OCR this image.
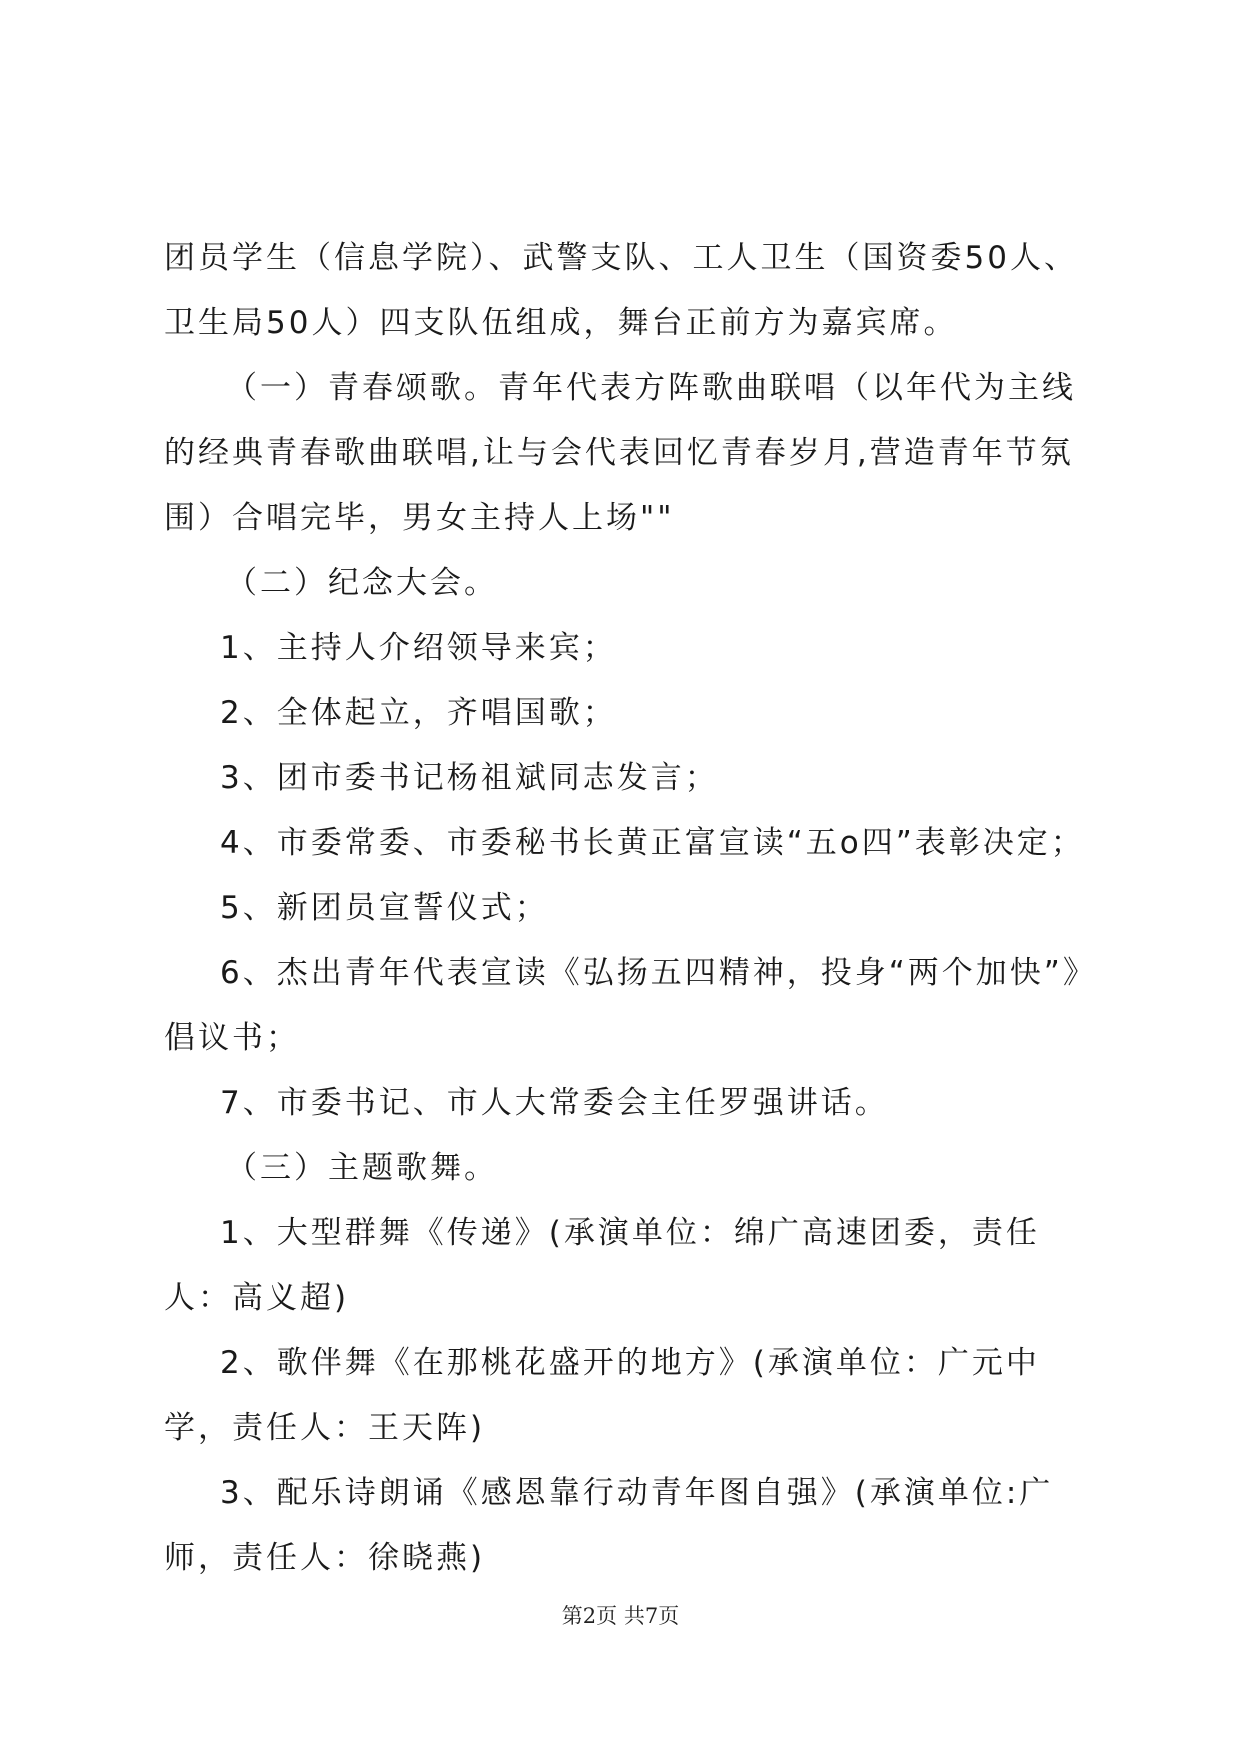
团员学生（信息学院）、武警支队、工人卫生（国资委50人、卫生局50人）四支队伍组成，舞台正前方为嘉宾席。

（一）青春颂歌。青年代表方阵歌曲联唱（以年代为主线的经典青春歌曲联唱,让与会代表回忆青春岁月,营造青年节氛围）合唱完毕，男女主持人上场""

（二）纪念大会。

1、主持人介绍领导来宾；

2、全体起立，齐唱国歌；

3、团市委书记杨祖斌同志发言；

4、市委常委、市委秘书长黄正富宣读“五o四”表彰决定；

5、新团员宣誓仪式；

6、杰出青年代表宣读《弘扬五四精神，投身“两个加快”》倡议书；

7、市委书记、市人大常委会主任罗强讲话。

（三）主题歌舞。

1、大型群舞《传递》(承演单位：绵广高速团委，责任人：高义超)

2、歌伴舞《在那桃花盛开的地方》(承演单位：广元中学，责任人：王天阵)

3、配乐诗朗诵《感恩靠行动青年图自强》(承演单位:广师，责任人：徐晓燕)

第2页 共7页
